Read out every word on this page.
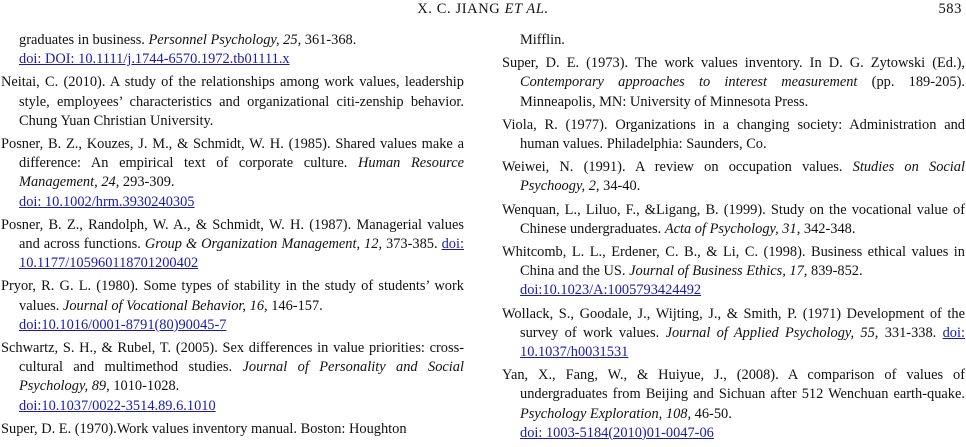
X. C. JIANG ET AL.	583

graduates in business. Personnel Psychology, 25, 361-368.
doi: DOI: 10.1111/j.1744-6570.1972.tb01111.x

Neitai, C. (2010). A study of the relationships among work values, leadership style, employees’ characteristics and organizational citi-zenship behavior. Chung Yuan Christian University.

Posner, B. Z., Kouzes, J. M., & Schmidt, W. H. (1985). Shared values make a difference: An empirical text of corporate culture. Human Resource Management, 24, 293-309.
doi: 10.1002/hrm.3930240305

Posner, B. Z., Randolph, W. A., & Schmidt, W. H. (1987). Managerial values and across functions. Group & Organization Management, 12, 373-385. doi: 10.1177/105960118701200402

Pryor, R. G. L. (1980). Some types of stability in the study of students’ work values. Journal of Vocational Behavior, 16, 146-157.
doi:10.1016/0001-8791(80)90045-7

Schwartz, S. H., & Rubel, T. (2005). Sex differences in value priorities: cross-cultural and multimethod studies. Journal of Personality and Social Psychology, 89, 1010-1028.
doi:10.1037/0022-3514.89.6.1010

Super, D. E. (1970).Work values inventory manual. Boston: Houghton

Mifflin.

Super, D. E. (1973). The work values inventory. In D. G. Zytowski (Ed.), Contemporary approaches to interest measurement (pp. 189-205). Minneapolis, MN: University of Minnesota Press.

Viola, R. (1977). Organizations in a changing society: Administration and human values. Philadelphia: Saunders, Co.

Weiwei, N. (1991). A review on occupation values. Studies on Social Psychoogy, 2, 34-40.

Wenquan, L., Liluo, F., &Ligang, B. (1999). Study on the vocational value of Chinese undergraduates. Acta of Psychology, 31, 342-348.

Whitcomb, L. L., Erdener, C. B., & Li, C. (1998). Business ethical values in China and the US. Journal of Business Ethics, 17, 839-852.
doi:10.1023/A:1005793424492

Wollack, S., Goodale, J., Wijting, J., & Smith, P. (1971) Development of the survey of work values. Journal of Applied Psychology, 55, 331-338. doi: 10.1037/h0031531

Yan, X., Fang, W., & Huiyue, J., (2008). A comparison of values of undergraduates from Beijing and Sichuan after 512 Wenchuan earth-quake. Psychology Exploration, 108, 46-50.
doi: 1003-5184(2010)01-0047-06
